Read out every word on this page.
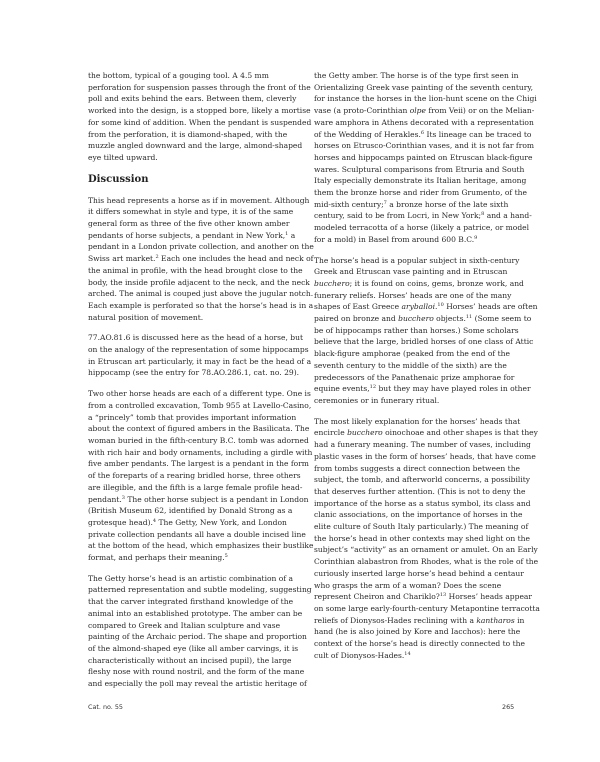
the bottom, typical of a gouging tool. A 4.5 mm perforation for suspension passes through the front of the poll and exits behind the ears. Between them, cleverly worked into the design, is a stopped bore, likely a mortise for some kind of addition. When the pendant is suspended from the perforation, it is diamond-shaped, with the muzzle angled downward and the large, almond-shaped eye tilted upward.

Discussion

This head represents a horse as if in movement. Although it differs somewhat in style and type, it is of the same general form as three of the five other known amber pendants of horse subjects, a pendant in New York,$^1$ a pendant in a London private collection, and another on the Swiss art market.$^2$ Each one includes the head and neck of the animal in profile, with the head brought close to the body, the inside profile adjacent to the neck, and the neck arched. The animal is couped just above the jugular notch. Each example is perforated so that the horse’s head is in a natural position of movement.

77.AO.81.6 is discussed here as the head of a horse, but on the analogy of the representation of some hippocamps in Etruscan art particularly, it may in fact be the head of a hippocamp (see the entry for 78.AO.286.1, cat. no. 29).

Two other horse heads are each of a different type. One is from a controlled excavation, Tomb 955 at Lavello-Casino, a “princely” tomb that provides important information about the context of figured ambers in the Basilicata. The woman buried in the fifth-century B.C. tomb was adorned with rich hair and body ornaments, including a girdle with five amber pendants. The largest is a pendant in the form of the foreparts of a rearing bridled horse, three others are illegible, and the fifth is a large female profile head-pendant.$^3$ The other horse subject is a pendant in London (British Museum 62, identified by Donald Strong as a grotesque head).$^4$ The Getty, New York, and London private collection pendants all have a double incised line at the bottom of the head, which emphasizes their bustlike format, and perhaps their meaning.$^5$

The Getty horse’s head is an artistic combination of a patterned representation and subtle modeling, suggesting that the carver integrated firsthand knowledge of the animal into an established prototype. The amber can be compared to Greek and Italian sculpture and vase painting of the Archaic period. The shape and proportion of the almond-shaped eye (like all amber carvings, it is characteristically without an incised pupil), the large fleshy nose with round nostril, and the form of the mane and especially the poll may reveal the artistic heritage of

the Getty amber. The horse is of the type first seen in Orientalizing Greek vase painting of the seventh century, for instance the horses in the lion-hunt scene on the Chigi vase (a proto-Corinthian olpe from Veii) or on the Melian-ware amphora in Athens decorated with a representation of the Wedding of Herakles.$^6$ Its lineage can be traced to horses on Etrusco-Corinthian vases, and it is not far from horses and hippocamps painted on Etruscan black-figure wares. Sculptural comparisons from Etruria and South Italy especially demonstrate its Italian heritage, among them the bronze horse and rider from Grumento, of the mid-sixth century;$^7$ a bronze horse of the late sixth century, said to be from Locri, in New York;$^8$ and a hand-modeled terracotta of a horse (likely a patrice, or model for a mold) in Basel from around 600 B.C.$^9$

The horse’s head is a popular subject in sixth-century Greek and Etruscan vase painting and in Etruscan bucchero; it is found on coins, gems, bronze work, and funerary reliefs. Horses’ heads are one of the many shapes of East Greece aryballoi.$^{10}$ Horses’ heads are often paired on bronze and bucchero objects.$^{11}$ (Some seem to be of hippocamps rather than horses.) Some scholars believe that the large, bridled horses of one class of Attic black-figure amphorae (peaked from the end of the seventh century to the middle of the sixth) are the predecessors of the Panathenaic prize amphorae for equine events,$^{12}$ but they may have played roles in other ceremonies or in funerary ritual.

The most likely explanation for the horses’ heads that encircle bucchero oinochoae and other shapes is that they had a funerary meaning. The number of vases, including plastic vases in the form of horses’ heads, that have come from tombs suggests a direct connection between the subject, the tomb, and afterworld concerns, a possibility that deserves further attention. (This is not to deny the importance of the horse as a status symbol, its class and clanic associations, on the importance of horses in the elite culture of South Italy particularly.) The meaning of the horse’s head in other contexts may shed light on the subject’s “activity” as an ornament or amulet. On an Early Corinthian alabastron from Rhodes, what is the role of the curiously inserted large horse’s head behind a centaur who grasps the arm of a woman? Does the scene represent Cheiron and Chariklo?$^{13}$ Horses’ heads appear on some large early-fourth-century Metapontine terracotta reliefs of Dionysos-Hades reclining with a kantharos in hand (he is also joined by Kore and Iacchos): here the context of the horse’s head is directly connected to the cult of Dionysos-Hades.$^{14}$

Cat. no. 55	265
